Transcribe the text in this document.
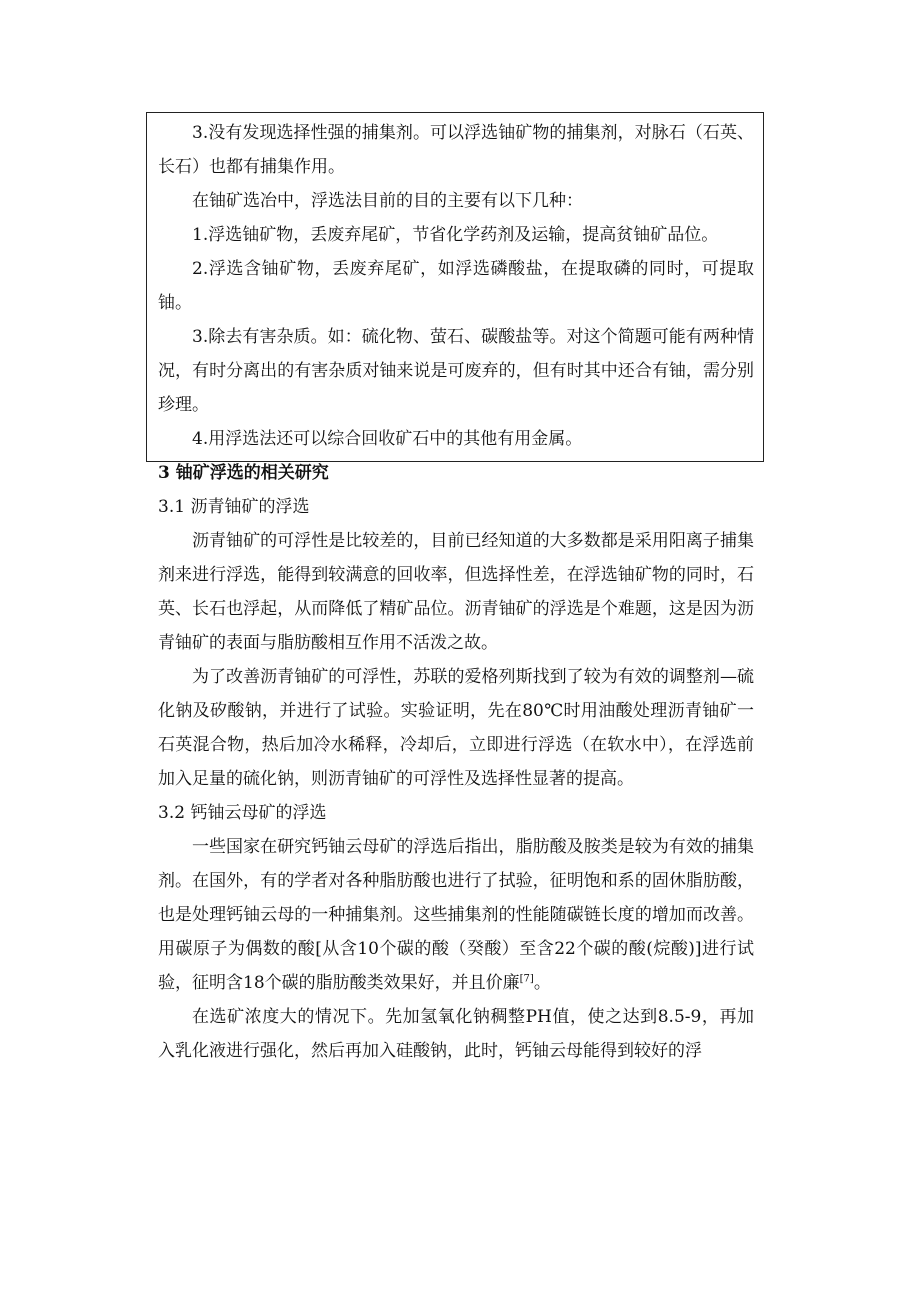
3.没有发现选择性强的捕集剂。可以浮选铀矿物的捕集剂，对脉石（石英、长石）也都有捕集作用。

在铀矿选冶中，浮选法目前的目的主要有以下几种：

1.浮选铀矿物，丢废弃尾矿，节省化学药剂及运输，提高贫铀矿品位。

2.浮选含铀矿物，丢废弃尾矿，如浮选磷酸盐，在提取磷的同时，可提取铀。

3.除去有害杂质。如：硫化物、萤石、碳酸盐等。对这个简题可能有两种情况，有时分离出的有害杂质对铀来说是可废弃的，但有时其中还合有铀，需分别珍理。

4.用浮选法还可以综合回收矿石中的其他有用金属。

3 铀矿浮选的相关研究

3.1 沥青铀矿的浮选

沥青铀矿的可浮性是比较差的，目前已经知道的大多数都是采用阳离子捕集剂来进行浮选，能得到较满意的回收率，但选择性差，在浮选铀矿物的同时，石英、长石也浮起，从而降低了精矿品位。沥青铀矿的浮选是个难题，这是因为沥青铀矿的表面与脂肪酸相互作用不活泼之故。

为了改善沥青铀矿的可浮性，苏联的爱格列斯找到了较为有效的调整剂—硫化钠及矽酸钠，并进行了试验。实验证明，先在80℃时用油酸处理沥青铀矿一石英混合物，热后加冷水稀释，冷却后，立即进行浮选（在软水中），在浮选前加入足量的硫化钠，则沥青铀矿的可浮性及选择性显著的提高。

3.2 钙铀云母矿的浮选

一些国家在研究钙铀云母矿的浮选后指出，脂肪酸及胺类是较为有效的捕集剂。在国外，有的学者对各种脂肪酸也进行了拭验，征明饱和系的固休脂肪酸，也是处理钙铀云母的一种捕集剂。这些捕集剂的性能随碳链长度的增加而改善。用碳原子为偶数的酸[从含10个碳的酸（癸酸）至含22个碳的酸(烷酸)]进行试验，征明含18个碳的脂肪酸类效果好，并且价廉[7]。

在选矿浓度大的情况下。先加氢氧化钠稠整PH值，使之达到8.5-9，再加入乳化液进行强化，然后再加入硅酸钠，此时，钙铀云母能得到较好的浮
